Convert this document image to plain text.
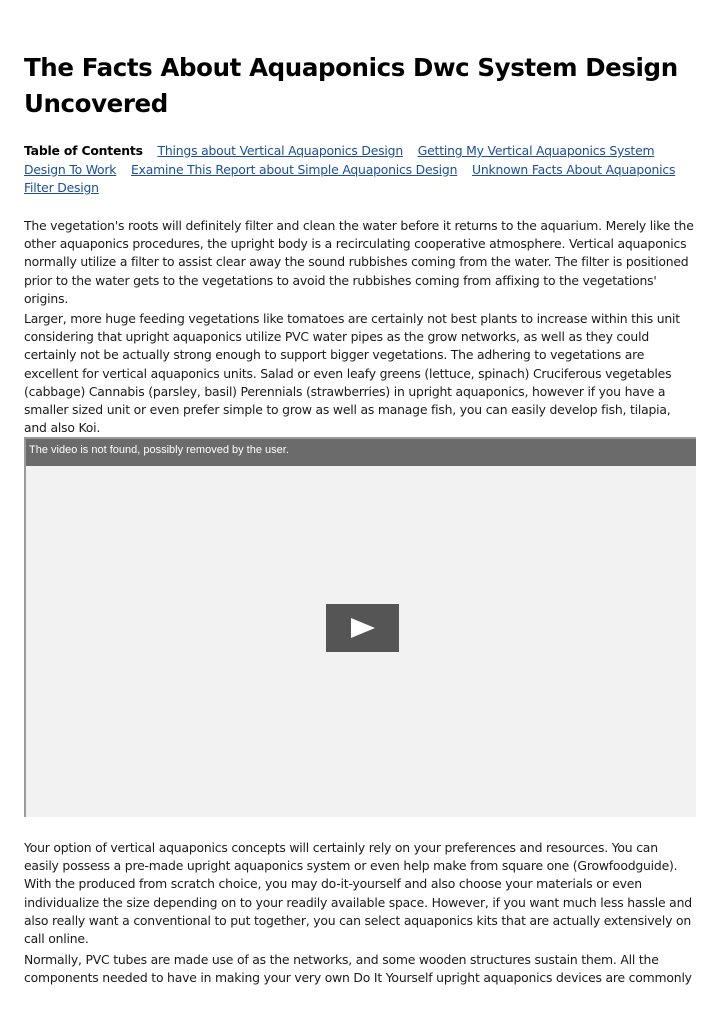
The Facts About Aquaponics Dwc System Design Uncovered
Table of Contents Things about Vertical Aquaponics Design Getting My Vertical Aquaponics System Design To Work Examine This Report about Simple Aquaponics Design Unknown Facts About Aquaponics Filter Design

The vegetation's roots will definitely filter and clean the water before it returns to the aquarium. Merely like the other aquaponics procedures, the upright body is a recirculating cooperative atmosphere. Vertical aquaponics normally utilize a filter to assist clear away the sound rubbishes coming from the water. The filter is positioned prior to the water gets to the vegetations to avoid the rubbishes coming from affixing to the vegetations' origins.

Larger, more huge feeding vegetations like tomatoes are certainly not best plants to increase within this unit considering that upright aquaponics utilize PVC water pipes as the grow networks, as well as they could certainly not be actually strong enough to support bigger vegetations. The adhering to vegetations are excellent for vertical aquaponics units. Salad or even leafy greens (lettuce, spinach) Cruciferous vegetables (cabbage) Cannabis (parsley, basil) Perennials (strawberries) in upright aquaponics, however if you have a smaller sized unit or even prefer simple to grow as well as manage fish, you can easily develop fish, tilapia, and also Koi.

The video is not found, possibly removed by the user.

Your option of vertical aquaponics concepts will certainly rely on your preferences and resources. You can easily possess a pre-made upright aquaponics system or even help make from square one (Growfoodguide). With the produced from scratch choice, you may do-it-yourself and also choose your materials or even individualize the size depending on to your readily available space. However, if you want much less hassle and also really want a conventional to put together, you can select aquaponics kits that are actually extensively on call online.

Normally, PVC tubes are made use of as the networks, and some wooden structures sustain them. All the components needed to have in making your very own Do It Yourself upright aquaponics devices are commonly
